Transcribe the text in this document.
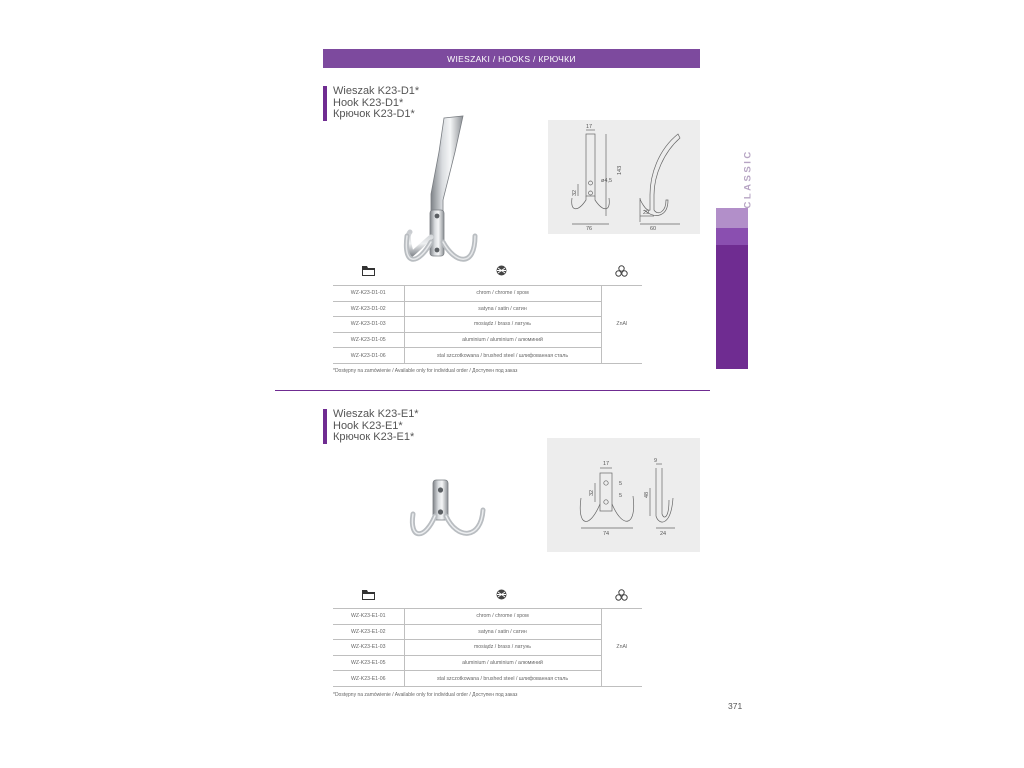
WIESZAKI / HOOKS / КРЮЧКИ
Wieszak K23-D1*
Hook K23-D1*
Крючок K23-D1*
17
143
ø4,5
32
76
29
60
WZ-K23-D1-01	chrom / chrome / хром	ZnAl
WZ-K23-D1-02	satyna / satin / сатин	
WZ-K23-D1-03	mosiądz / brass / латунь	
WZ-K23-D1-05	aluminium / aluminium / алюминий	
WZ-K23-D1-06	stal szczotkowana / brushed steel / шлифованная сталь	
*Dostępny na zamówienie / Available only for individual order / Доступен под заказ
Wieszak K23-E1*
Hook K23-E1*
Крючок K23-E1*
17
5
5
32	48
9
74	24
WZ-K23-E1-01	chrom / chrome / хром	ZnAl
WZ-K23-E1-02	satyna / satin / сатин	
WZ-K23-E1-03	mosiądz / brass / латунь	
WZ-K23-E1-05	aluminium / aluminium / алюминий	
WZ-K23-E1-06	stal szczotkowana / brushed steel / шлифованная сталь	
*Dostępny na zamówienie / Available only for individual order / Доступен под заказ
CLASSIC
371
